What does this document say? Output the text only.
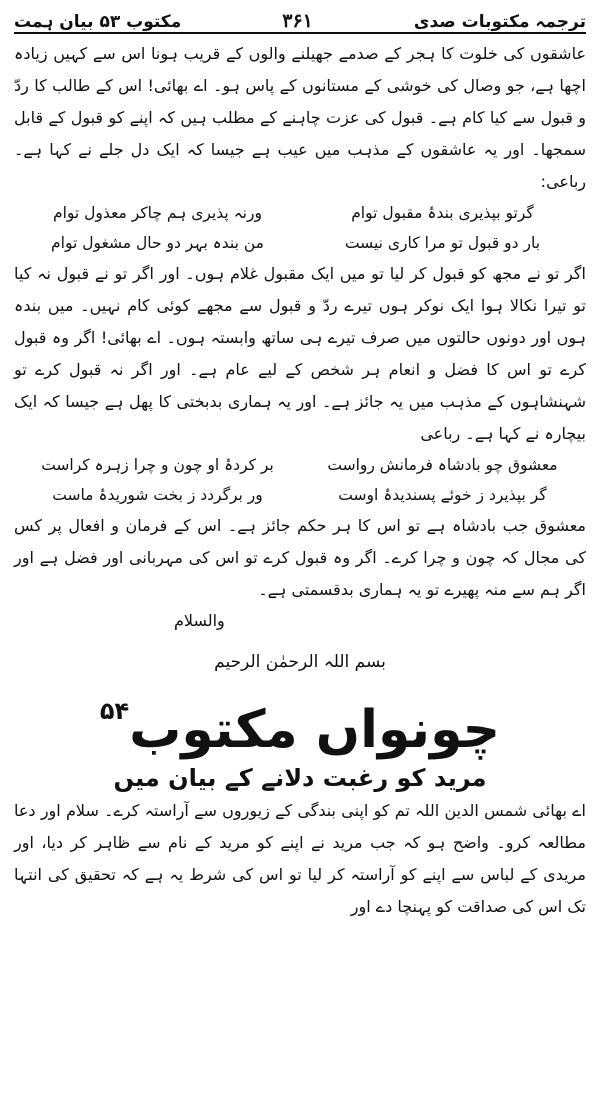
ترجمہ مکتوبات صدی
۳۶۱
مکتوب ۵۳ بیان ہمت
عاشقوں کی خلوت کا ہجر کے صدمے جھیلنے والوں کے قریب ہونا اس سے کہیں زیادہ اچھا ہے، جو وصال کی خوشی کے مستانوں کے پاس ہو۔ اے بھائی! اس کے طالب کا ردّ و قبول سے کیا کام ہے۔ قبول کی عزت چاہنے کے مطلب ہیں کہ اپنے کو قبول کے قابل سمجھا۔ اور یہ عاشقوں کے مذہب میں عیب ہے جیسا کہ ایک دل جلے نے کہا ہے۔ رباعی:
گرتو بپذیری بندۂ مقبول توام
ورنہ پذیری ہم چاکر معذول توام
بار دو قبول تو مرا کاری نیست
من بندہ بہر دو حال مشغول توام
اگر تو نے مجھ کو قبول کر لیا تو میں ایک مقبول غلام ہوں۔ اور اگر تو نے قبول نہ کیا تو تیرا نکالا ہوا ایک نوکر ہوں تیرے ردّ و قبول سے مجھے کوئی کام نہیں۔ میں بندہ ہوں اور دونوں حالتوں میں صرف تیرے ہی ساتھ وابستہ ہوں۔ اے بھائی! اگر وہ قبول کرے تو اس کا فضل و انعام ہر شخص کے لیے عام ہے۔ اور اگر نہ قبول کرے تو شہنشاہوں کے مذہب میں یہ جائز ہے۔ اور یہ ہماری بدبختی کا پھل ہے جیسا کہ ایک بیچارہ نے کہا ہے۔ رباعی
معشوق چو بادشاہ فرمانش رواست
بر کردۂ او چون و چرا زہرہ کراست
گر بپذیرد ز خوئے پسندیدۂ اوست
ور برگردد ز بخت شوریدۂ ماست
معشوق جب بادشاہ ہے تو اس کا ہر حکم جائز ہے۔ اس کے فرمان و افعال پر کس کی مجال کہ چون و چرا کرے۔ اگر وہ قبول کرے تو اس کی مہربانی اور فضل ہے اور اگر ہم سے منہ پھیرے تو یہ ہماری بدقسمتی ہے۔
والسلام
بسم اللہ الرحمٰن الرحیم
چونواں مکتوب$^{۵۴}$
مرید کو رغبت دلانے کے بیان میں
اے بھائی شمس الدین اللہ تم کو اپنی بندگی کے زیوروں سے آراستہ کرے۔ سلام اور دعا مطالعہ کرو۔ واضح ہو کہ جب مرید نے اپنے کو مرید کے نام سے ظاہر کر دیا، اور مریدی کے لباس سے اپنے کو آراستہ کر لیا تو اس کی شرط یہ ہے کہ تحقیق کی انتہا تک اس کی صداقت کو پہنچا دے اور
